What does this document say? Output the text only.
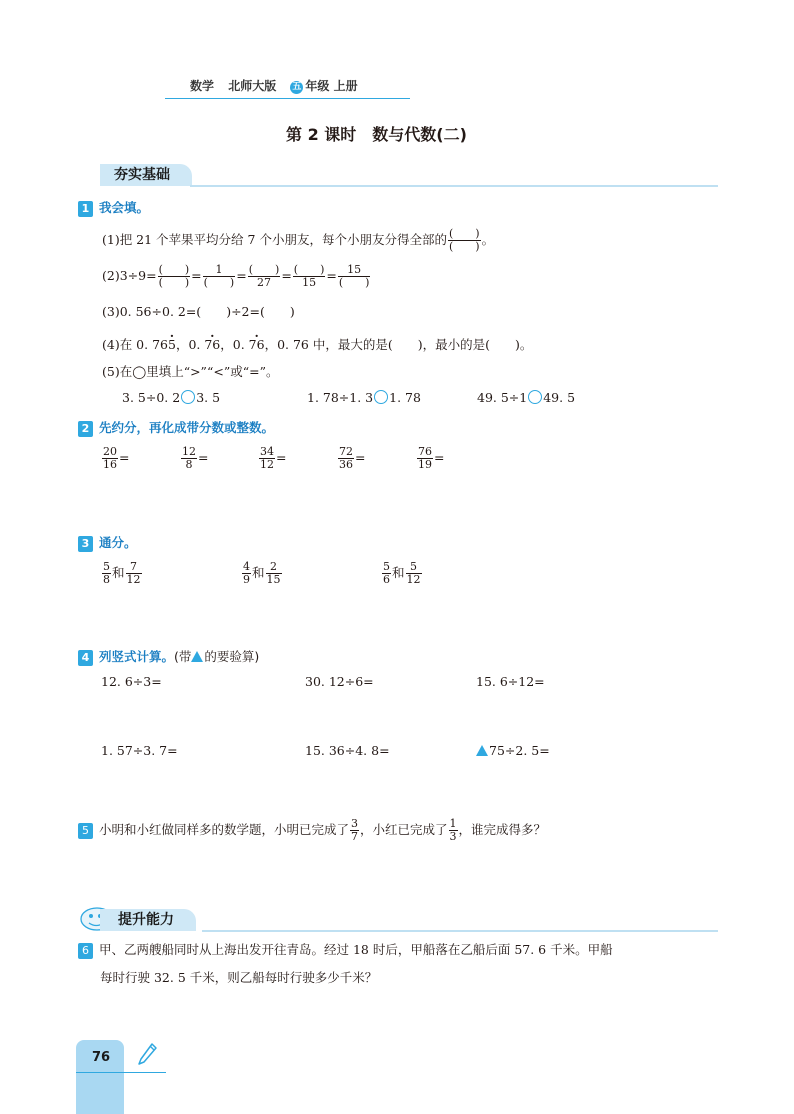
数学 北师大版 五 年级 上册
第 2 课时　数与代数(二)
夯实基础
1 我会填。
(1)把 21 个苹果平均分给 7 个小朋友，每个小朋友分得全部的 $\frac{( )}{( )}$ 。
$(2)3\div 9= \frac{( )}{( )} = \frac{1}{( )} = \frac{( )}{27} = \frac{( )}{15} = \frac{15}{( )}$
(3)0. 56÷0. 2=(　　)÷2=(　　)
(4)在 0. 76· 5，0. · 76，0. · 76，0. 76 中，最大的是(　　)，最小的是(　　)。
(5)在◯里填上“>”“<”或“=”。
3. 5÷0. 2 3. 5	1. 78÷1. 3 1. 78	49. 5÷1 49. 5
2 先约分，再化成带分数或整数。
$\frac{20}{16}$ =	$\frac{12}{8}$ =	$\frac{34}{12}$ =	$\frac{72}{36}$ =	$\frac{76}{19}$ =
3 通分。
$\frac{5}{8}$ 和 $\frac{7}{12}$	$\frac{4}{9}$ 和 $\frac{2}{15}$	$\frac{5}{6}$ 和 $\frac{5}{12}$
4 列竖式计算。(带 的要验算)
12. 6÷3=	30. 12÷6=	15. 6÷12=
1. 57÷3. 7=	15. 36÷4. 8=	75÷2. 5=
5 小明和小红做同样多的数学题，小明已完成了 $\frac{3}{7}$ ，小红已完成了 $\frac{1}{3}$ ，谁完成得多？
提升能力
6 甲、乙两艘船同时从上海出发开往青岛。经过 18 时后，甲船落在乙船后面 57. 6 千米。甲船
每时行驶 32. 5 千米，则乙船每时行驶多少千米？
76
